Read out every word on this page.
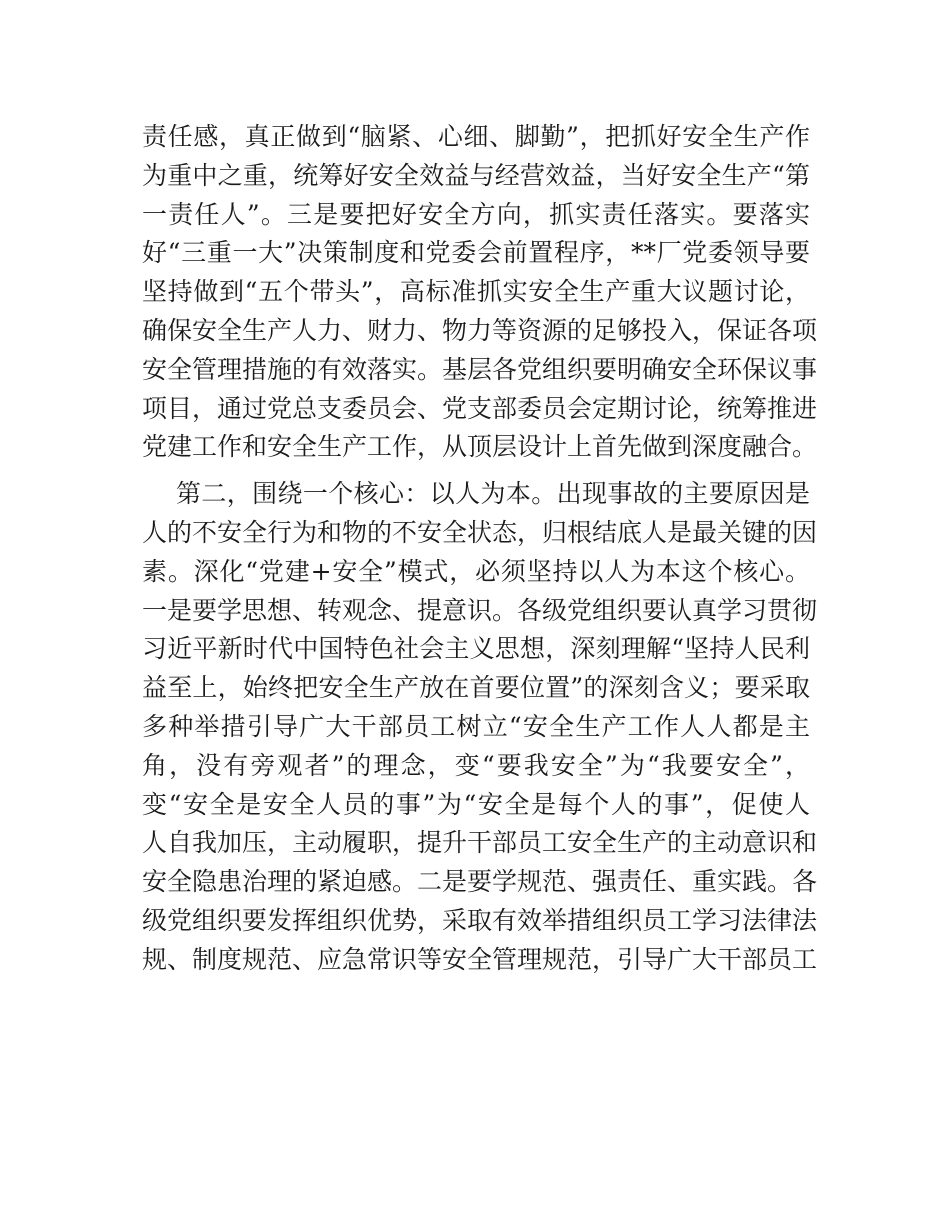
责任感，真正做到“脑紧、心细、脚勤”，把抓好安全生产作
为重中之重，统筹好安全效益与经营效益，当好安全生产“第
一责任人”。三是要把好安全方向，抓实责任落实。要落实
好“三重一大”决策制度和党委会前置程序，**厂党委领导要
坚持做到“五个带头”，高标准抓实安全生产重大议题讨论，
确保安全生产人力、财力、物力等资源的足够投入，保证各项
安全管理措施的有效落实。基层各党组织要明确安全环保议事
项目，通过党总支委员会、党支部委员会定期讨论，统筹推进
党建工作和安全生产工作，从顶层设计上首先做到深度融合。
第二，围绕一个核心：以人为本。出现事故的主要原因是
人的不安全行为和物的不安全状态，归根结底人是最关键的因
素。深化“党建+安全”模式，必须坚持以人为本这个核心。
一是要学思想、转观念、提意识。各级党组织要认真学习贯彻
习近平新时代中国特色社会主义思想，深刻理解“坚持人民利
益至上，始终把安全生产放在首要位置”的深刻含义；要采取
多种举措引导广大干部员工树立“安全生产工作人人都是主
角，没有旁观者”的理念，变“要我安全”为“我要安全”，
变“安全是安全人员的事”为“安全是每个人的事”，促使人
人自我加压，主动履职，提升干部员工安全生产的主动意识和
安全隐患治理的紧迫感。二是要学规范、强责任、重实践。各
级党组织要发挥组织优势，采取有效举措组织员工学习法律法
规、制度规范、应急常识等安全管理规范，引导广大干部员工
